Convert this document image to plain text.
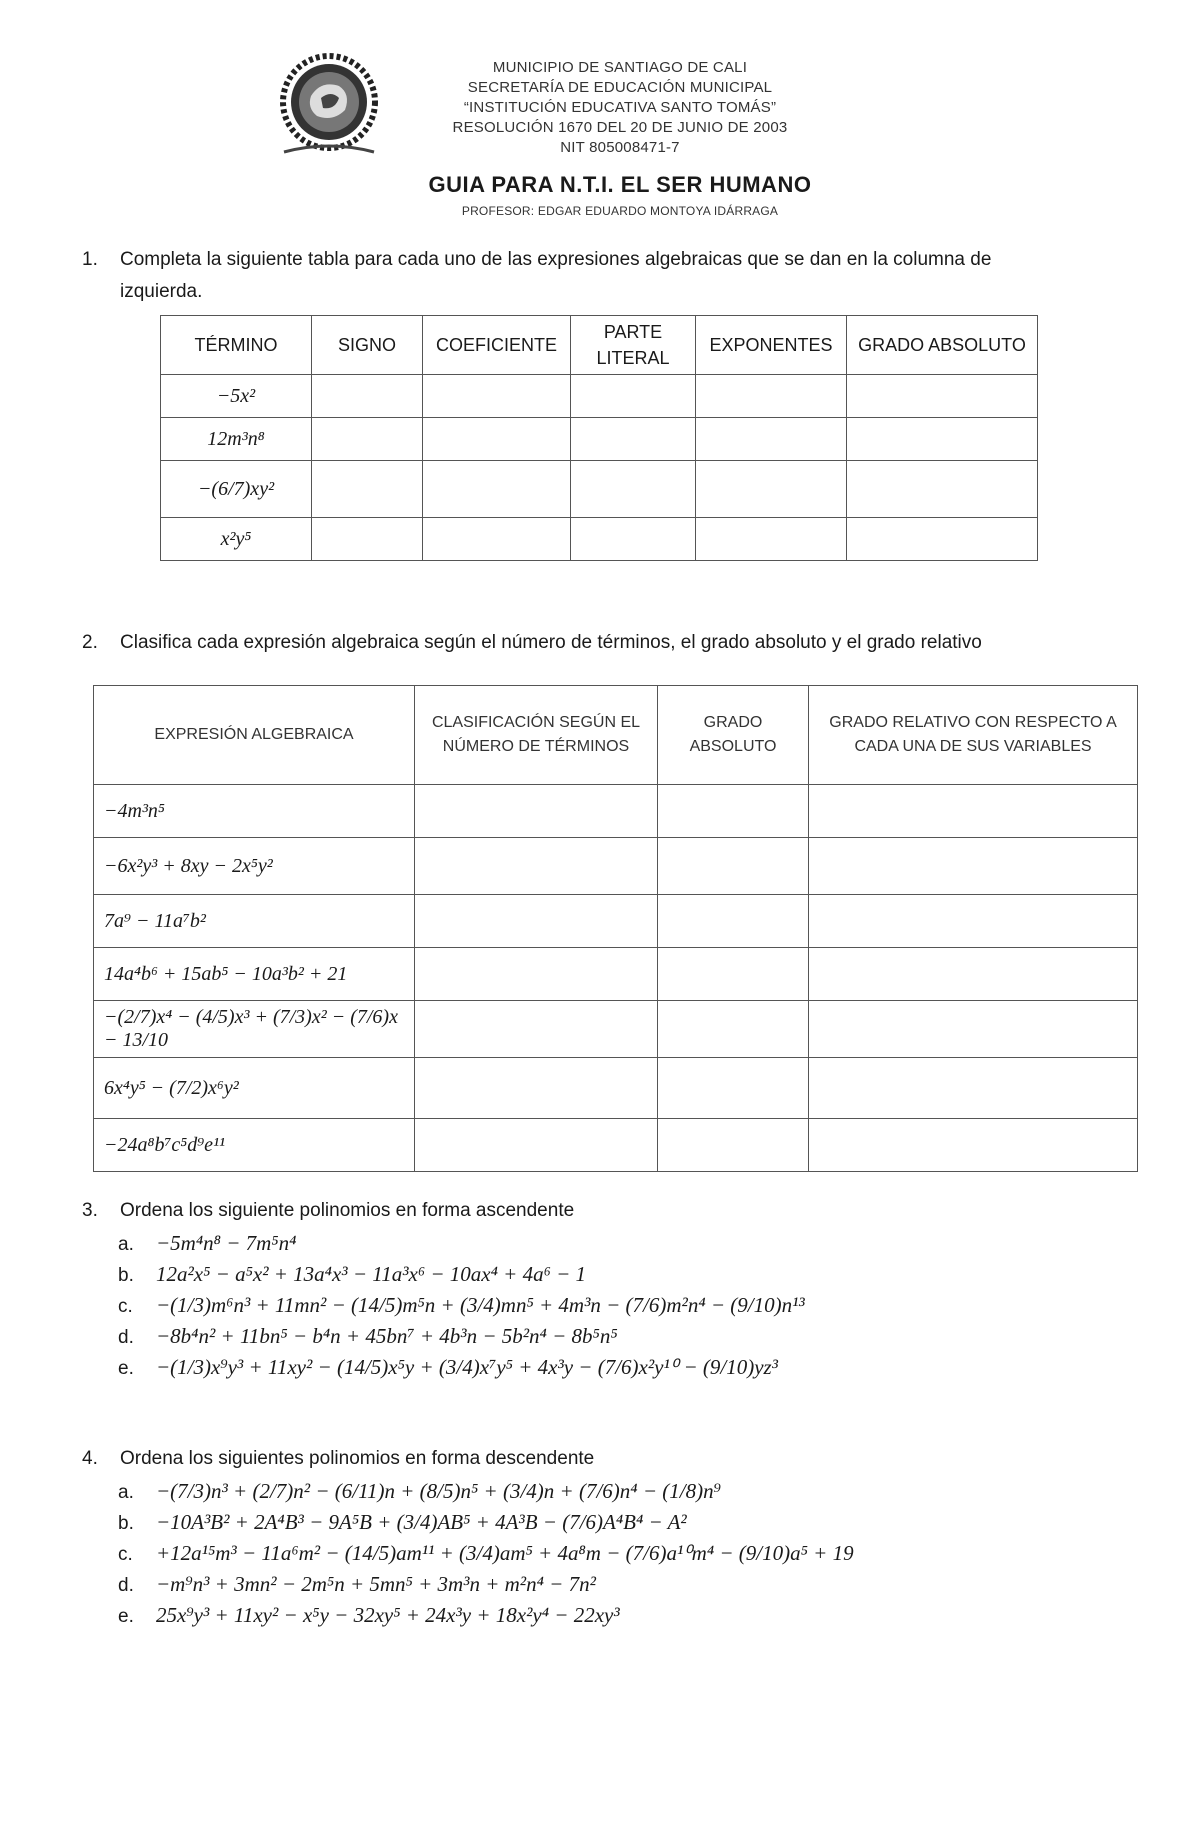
MUNICIPIO DE SANTIAGO DE CALI
SECRETARÍA DE EDUCACIÓN MUNICIPAL
“INSTITUCIÓN EDUCATIVA SANTO TOMÁS”
RESOLUCIÓN 1670 DEL 20 DE JUNIO DE 2003
NIT 805008471-7
GUIA PARA N.T.I. EL SER HUMANO
PROFESOR: EDGAR EDUARDO MONTOYA IDÁRRAGA
1. Completa la siguiente tabla para cada uno de las expresiones algebraicas que se dan en la columna de
izquierda.
TÉRMINO	SIGNO	COEFICIENTE	PARTE LITERAL	EXPONENTES	GRADO ABSOLUTO
−5x²					
12m³n⁸					
−(6/7)xy²					
x²y⁵					
2. Clasifica cada expresión algebraica según el número de términos, el grado absoluto y el grado relativo
EXPRESIÓN ALGEBRAICA	CLASIFICACIÓN SEGÚN EL NÚMERO DE TÉRMINOS	GRADO ABSOLUTO	GRADO RELATIVO CON RESPECTO A CADA UNA DE SUS VARIABLES
−4m³n⁵			
−6x²y³ + 8xy − 2x⁵y²			
7a⁹ − 11a⁷b²			
14a⁴b⁶ + 15ab⁵ − 10a³b² + 21			
−(2/7)x⁴ − (4/5)x³ + (7/3)x² − (7/6)x − 13/10			
6x⁴y⁵ − (7/2)x⁶y²			
−24a⁸b⁷c⁵d⁹e¹¹			
3. Ordena los siguiente polinomios en forma ascendente
a. −5m⁴n⁸ − 7m⁵n⁴
b. 12a²x⁵ − a⁵x² + 13a⁴x³ − 11a³x⁶ − 10ax⁴ + 4a⁶ − 1
c. −(1/3)m⁶n³ + 11mn² − (14/5)m⁵n + (3/4)mn⁵ + 4m³n − (7/6)m²n⁴ − (9/10)n¹³
d. −8b⁴n² + 11bn⁵ − b⁴n + 45bn⁷ + 4b³n − 5b²n⁴ − 8b⁵n⁵
e. −(1/3)x⁹y³ + 11xy² − (14/5)x⁵y + (3/4)x⁷y⁵ + 4x³y − (7/6)x²y¹⁰ − (9/10)yz³
4. Ordena los siguientes polinomios en forma descendente
a. −(7/3)n³ + (2/7)n² − (6/11)n + (8/5)n⁵ + (3/4)n + (7/6)n⁴ − (1/8)n⁹
b. −10A³B² + 2A⁴B³ − 9A⁵B + (3/4)AB⁵ + 4A³B − (7/6)A⁴B⁴ − A²
c. +12a¹⁵m³ − 11a⁶m² − (14/5)am¹¹ + (3/4)am⁵ + 4a⁸m − (7/6)a¹⁰m⁴ − (9/10)a⁵ + 19
d. −m⁹n³ + 3mn² − 2m⁵n + 5mn⁵ + 3m³n + m²n⁴ − 7n²
e. 25x⁹y³ + 11xy² − x⁵y − 32xy⁵ + 24x³y + 18x²y⁴ − 22xy³
